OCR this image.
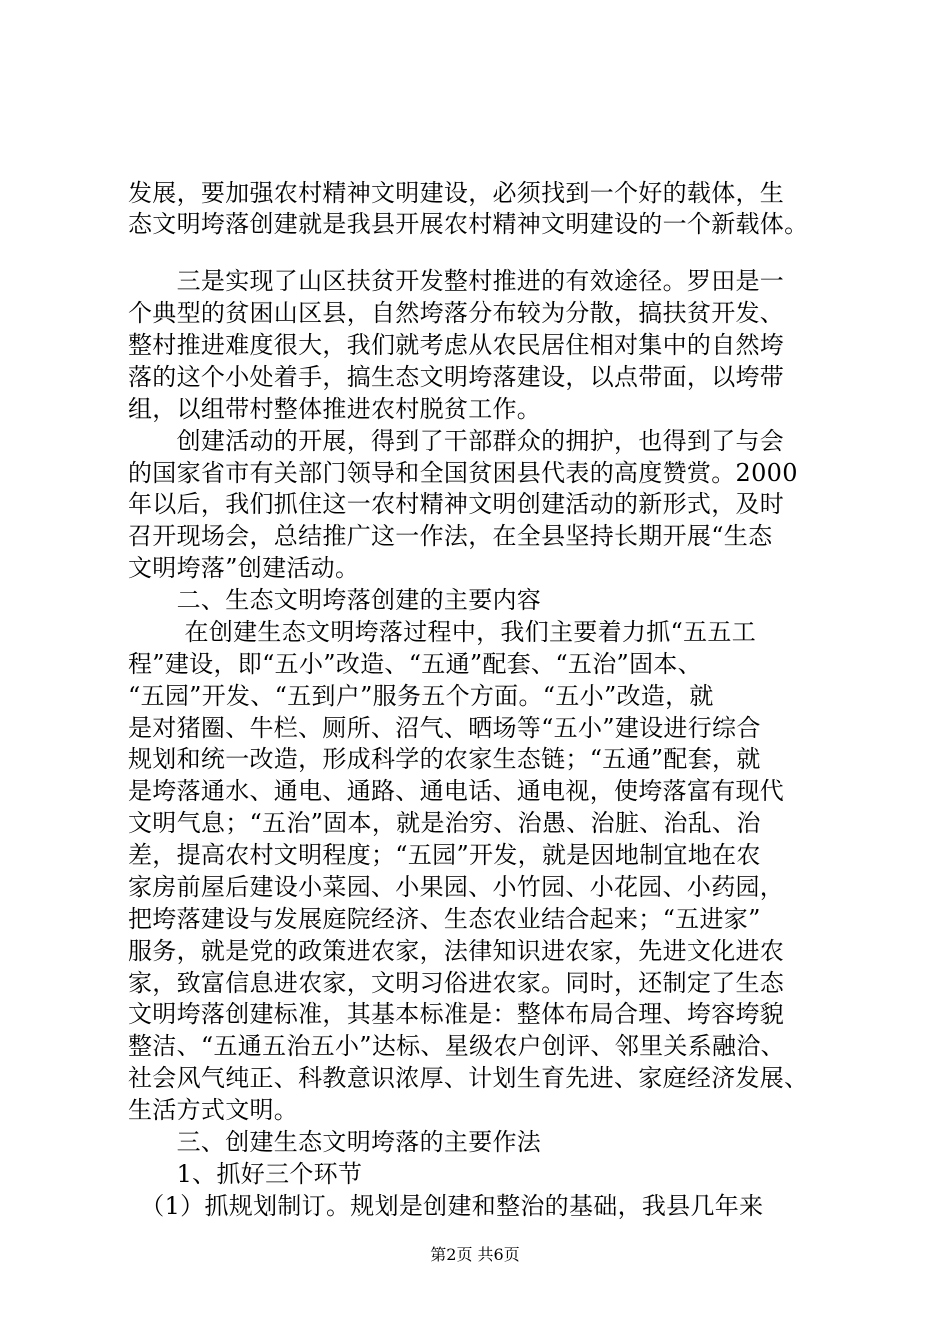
发展，要加强农村精神文明建设，必须找到一个好的载体，生

态文明垮落创建就是我县开展农村精神文明建设的一个新载体。

　　三是实现了山区扶贫开发整村推进的有效途径。罗田是一

个典型的贫困山区县，自然垮落分布较为分散，搞扶贫开发、

整村推进难度很大，我们就考虑从农民居住相对集中的自然垮

落的这个小处着手，搞生态文明垮落建设，以点带面，以垮带

组，以组带村整体推进农村脱贫工作。

　　创建活动的开展，得到了干部群众的拥护，也得到了与会

的国家省市有关部门领导和全国贫困县代表的高度赞赏。2000

年以后，我们抓住这一农村精神文明创建活动的新形式，及时

召开现场会，总结推广这一作法，在全县坚持长期开展“生态

文明垮落”创建活动。

　　二、生态文明垮落创建的主要内容

　　 在创建生态文明垮落过程中，我们主要着力抓“五五工

程”建设，即“五小”改造、“五通”配套、“五治”固本、

“五园”开发、“五到户”服务五个方面。“五小”改造，就

是对猪圈、牛栏、厕所、沼气、晒场等“五小”建设进行综合

规划和统一改造，形成科学的农家生态链；“五通”配套，就

是垮落通水、通电、通路、通电话、通电视，使垮落富有现代

文明气息；“五治”固本，就是治穷、治愚、治脏、治乱、治

差，提高农村文明程度；“五园”开发，就是因地制宜地在农

家房前屋后建设小菜园、小果园、小竹园、小花园、小药园，

把垮落建设与发展庭院经济、生态农业结合起来；“五进家”

服务，就是党的政策进农家，法律知识进农家，先进文化进农

家，致富信息进农家，文明习俗进农家。同时，还制定了生态

文明垮落创建标准，其基本标准是：整体布局合理、垮容垮貌

整洁、“五通五治五小”达标、星级农户创评、邻里关系融洽、

社会风气纯正、科教意识浓厚、计划生育先进、家庭经济发展、

生活方式文明。

　　三、创建生态文明垮落的主要作法

　　1、抓好三个环节

　（1）抓规划制订。规划是创建和整治的基础，我县几年来

第2页 共6页
